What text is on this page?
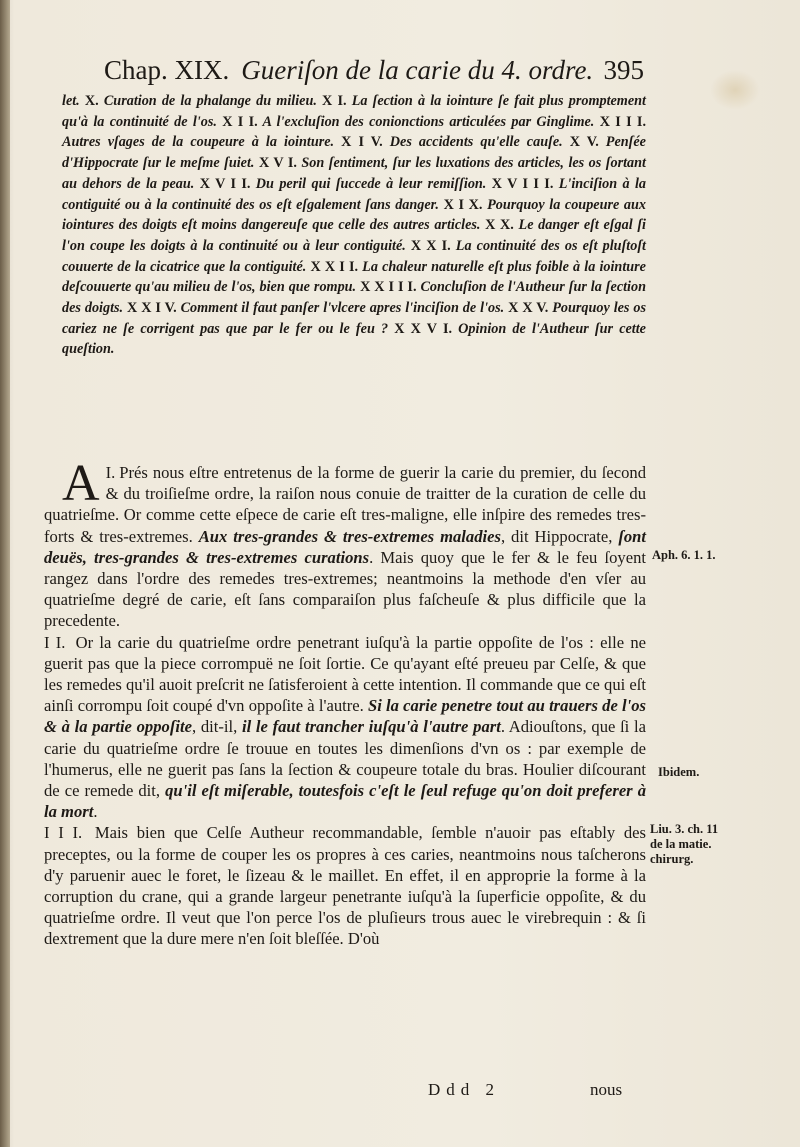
Chap. XIX. Gueriſon de la carie du 4. ordre. 395
let. X. Curation de la phalange du milieu. X I. La ſection à la iointure ſe fait plus promptement qu'à la continuité de l'os. X I I. A l'excluſion des conionctions articulées par Ginglime. X I I I. Autres vſages de la coupeure à la iointure. X I V. Des accidents qu'elle cauſe. X V. Penſée d'Hippocrate ſur le meſme ſuiet. X V I. Son ſentiment, ſur les luxations des articles, les os ſortant au dehors de la peau. X V I I. Du peril qui ſuccede à leur remiſſion. X V I I I. L'inciſion à la contiguité ou à la continuité des os eſt eſgalement ſans danger. X I X. Pourquoy la coupeure aux iointures des doigts eſt moins dangereuſe que celle des autres articles. X X. Le danger eſt eſgal ſi l'on coupe les doigts à la continuité ou à leur contiguité. X X I. La continuité des os eſt pluſtoſt couuerte de la cicatrice que la contiguité. X X I I. La chaleur naturelle eſt plus foible à la iointure deſcouuerte qu'au milieu de l'os, bien que rompu. X X I I I. Concluſion de l'Autheur ſur la ſection des doigts. X X I V. Comment il faut panſer l'vlcere apres l'inciſion de l'os. X X V. Pourquoy les os cariez ne ſe corrigent pas que par le fer ou le feu ? X X V I. Opinion de l'Autheur ſur cette queſtion.

A I. Prés nous eſtre entretenus de la forme de guerir la carie du premier, du ſecond & du troiſieſme ordre, la raiſon nous conuie de traitter de la curation de celle du quatrieſme. Or comme cette eſpece de carie eſt tres-maligne, elle inſpire des remedes tres-forts & tres-extremes. Aux tres-grandes & tres-extremes maladies, dit Hippocrate, ſont deuës, tres-grandes & tres-extremes curations. Mais quoy que le fer & le feu ſoyent rangez dans l'ordre des remedes tres-extremes; neantmoins la methode d'en vſer au quatrieſme degré de carie, eſt ſans comparaiſon plus faſcheuſe & plus difficile que la precedente.

I I. Or la carie du quatrieſme ordre penetrant iuſqu'à la partie oppoſite de l'os : elle ne guerit pas que la piece corrompuë ne ſoit ſortie. Ce qu'ayant eſté preueu par Celſe, & que les remedes qu'il auoit preſcrit ne ſatisferoient à cette intention. Il commande que ce qui eſt ainſi corrompu ſoit coupé d'vn oppoſite à l'autre. Si la carie penetre tout au trauers de l'os & à la partie oppoſite, dit-il, il le faut trancher iuſqu'à l'autre part. Adiouſtons, que ſi la carie du quatrieſme ordre ſe trouue en toutes les dimenſions d'vn os : par exemple de l'humerus, elle ne guerit pas ſans la ſection & coupeure totale du bras. Houlier diſcourant de ce remede dit, qu'il eſt miſerable, toutesfois c'eſt le ſeul refuge qu'on doit preferer à la mort.

I I I. Mais bien que Celſe Autheur recommandable, ſemble n'auoir pas eſtably des preceptes, ou la forme de couper les os propres à ces caries, neantmoins nous taſcherons d'y paruenir auec le foret, le ſizeau & le maillet. En effet, il en approprie la forme à la corruption du crane, qui a grande largeur penetrante iuſqu'à la ſuperficie oppoſite, & du quatrieſme ordre. Il veut que l'on perce l'os de pluſieurs trous auec le virebrequin : & ſi dextrement que la dure mere n'en ſoit bleſſée. D'où

Aph. 6. 1. 1.
Ibidem.
Liu. 3. ch. 11
de la matie.
chirurg.
Ddd 2	nous
